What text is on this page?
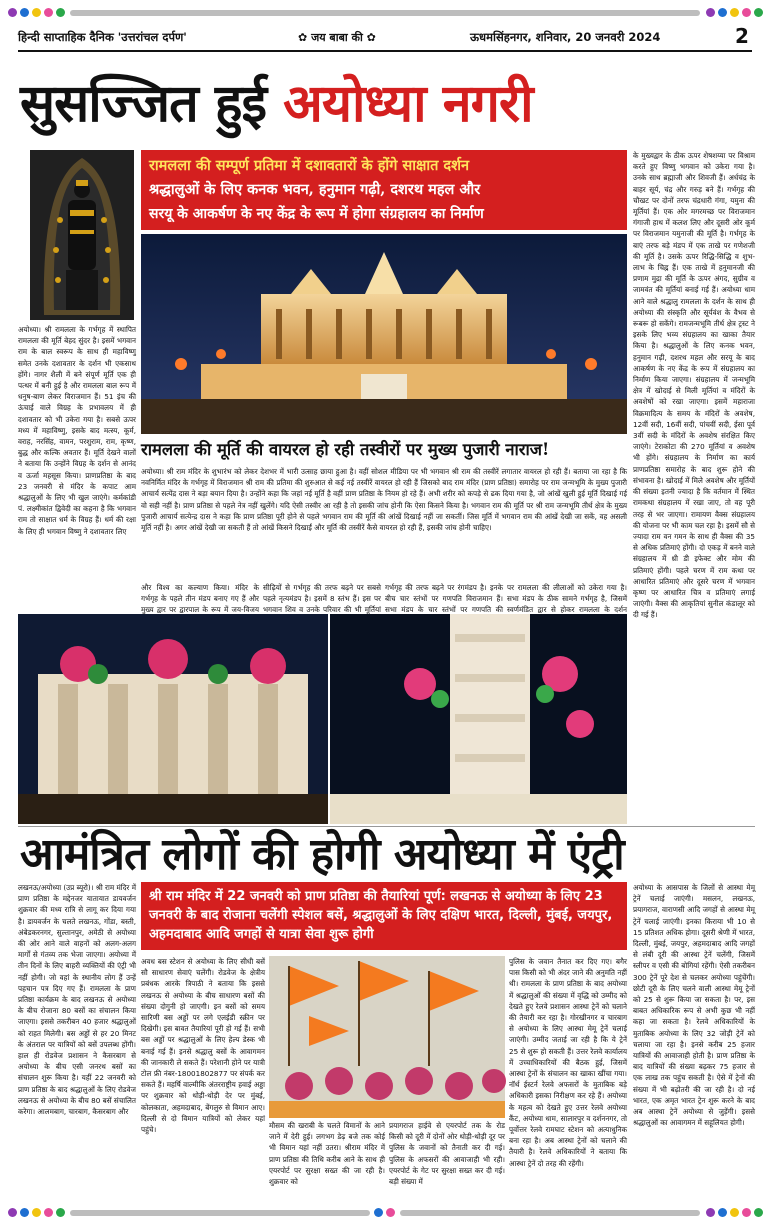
हिन्दी साप्ताहिक दैनिक 'उत्तरांचल दर्पण'	✿ जय बाबा की ✿	ऊधमसिंहनगर, शनिवार, 20 जनवरी 2024	2
सुसज्जित हुई अयोध्या नगरी
अयोध्या। श्री रामलला के गर्भगृह में स्थापित रामलला की मूर्ति बेहद सुंदर है। इसमें भगवान राम के बाल स्वरूप के साथ ही महाविष्णु समेत उनके दशावतार के दर्शन भी एकसाथ होंगे। नागर शैली में बने संपूर्ण मूर्ति एक ही पत्थर में बनी हुई है और रामलला बाल रूप में धनुष-बाण लेकर विराजमान हैं। 51 इंच की ऊंचाई वाले विग्रह के प्रभावलय में ही दशावतार को भी उकेरा गया है। सबसे ऊपर मध्य में महाविष्णु, इसके बाद मत्स्य, कूर्म, वराह, नरसिंह, वामन, परशुराम, राम, कृष्ण, बुद्ध और कल्कि अवतार हैं। मूर्ति देखने वालों ने बताया कि उन्होंने विग्रह के दर्शन से आनंद व ऊर्जा महसूस किया। प्राणप्रतिष्ठा के बाद 23 जनवरी से मंदिर के कपाट आम श्रद्धालुओं के लिए भी खुल जाएंगे। कर्मकांडी पं. लक्ष्मीकांत द्विवेदी का कहना है कि भगवान राम तो साक्षात धर्म के विग्रह हैं। धर्म की रक्षा के लिए ही भगवान विष्णु ने दशावतार लिए
रामलला की सम्पूर्ण प्रतिमा में दशावतारों के होंगे साक्षात दर्शन
श्रद्धालुओं के लिए कनक भवन, हनुमान गढ़ी, दशरथ महल और
सरयू के आकर्षण के नए केंद्र के रूप में होगा संग्रहालय का निर्माण
रामलला की मूर्ति की वायरल हो रही तस्वीरों पर मुख्य पुजारी नाराज!
अयोध्या। श्री राम मंदिर के शुभारंभ को लेकर देशभर में भारी उत्साह छाया हुआ है। वहीं सोशल मीडिया पर भी भगवान श्री राम की तस्वीरें लगातार वायरल हो रही हैं। बताया जा रहा है कि नवनिर्मित मंदिर के गर्भगृह में विराजमान श्री राम की प्रतिमा की शुरुआत से कई नई तस्वीरें वायरल हो रही हैं जिसको बाद राम मंदिर (प्राण प्रतिष्ठा) समारोह पर राम जन्मभूमि के मुख्य पुजारी आचार्य सत्येंद्र दास ने बड़ा बयान दिया है। उन्होंने कहा कि जहां नई मूर्ति है वहीं प्राण प्रतिष्ठा के नियम हो रहे हैं। अभी शरीर को कपड़े से ढक दिया गया है, जो आंखें खुली हुई मूर्ति दिखाई गई वो सही नहीं है। प्राण प्रतिष्ठा से पहले नेत्र नहीं खुलेंगे। यदि ऐसी तस्वीर आ रही है तो इसकी जांच होनी कि ऐसा किसने किया है। भगवान राम की मूर्ति पर श्री राम जन्मभूमि तीर्थ क्षेत्र के मुख्य पुजारी आचार्य सत्येन्द्र दास ने कहा कि प्राण प्रतिष्ठा पूरी होने से पहले भगवान राम की मूर्ति की आंखें दिखाई नहीं जा सकतीं। जिस मूर्ति में भगवान राम की आंखें देखी जा सकें, वह असली मूर्ति नहीं है। अगर आंखें देखी जा सकती हैं तो आंखें किसने दिखाईं और मूर्ति की तस्वीरें कैसे वायरल हो रही हैं, इसकी जांच होनी चाहिए।
और विश्व का कल्याण किया। मंदिर के गर्भगृह के पहले तीन मंडप बनाए गए हैं और मुख्य द्वार पर द्वारपाल के रूप में जय-विजय
सीढ़ियों से गर्भगृह की तरफ बढ़ने पर सबसे पहले नृत्यमंडप है। इसमें 8 स्तंभ हैं। इस पर भगवान शिव व उनके परिवार की भी मूर्तियां
गर्भगृह की तरफ बढ़ने पर रंगमंडप है। इनके बीच चार स्तंभों पर गणपति विराजमान हैं। सभा मंडप के चार स्तंभों पर गणपति की
पर रामलला की लीलाओं को उकेरा गया है। सभा मंडप के ठीक सामने गर्भगृह है, जिसमें स्वर्णमंडित द्वार से होकर रामलला के दर्शन
के मुख्यद्वार के ठीक ऊपर शेषशय्या पर विश्राम करते हुए विष्णु भगवान को उकेरा गया है। उनके साथ ब्रह्माजी और शिवजी हैं। अर्धचंद्र के बाहर सूर्य, चंद्र और गरुड़ बने हैं। गर्भगृह की चौखट पर दोनों तरफ चंद्रधारी गंगा, यमुना की मूर्तियां हैं। एक ओर मगरमच्छ पर विराजमान गंगाजी हाथ में कलश लिए और दूसरी ओर कूर्म पर विराजमान यमुनाजी की मूर्ति है। गर्भगृह के बाएं तरफ बड़े मंडप में एक ताखे पर गणेशजी की मूर्ति है। उसके ऊपर रिद्धि-सिद्धि व शुभ-लाभ के चिह्न हैं। एक ताखे में हनुमानजी की प्रणाम मुद्रा की मूर्ति के ऊपर अंगद, सुग्रीव व जामवंत की मूर्तियां बनाई गई हैं। अयोध्या धाम आने वाले श्रद्धालु रामलला के दर्शन के साथ ही अयोध्या की संस्कृति और सूर्यवंश के वैभव से रूबरू हो सकेंगे। रामजन्मभूमि तीर्थ क्षेत्र ट्रस्ट ने इसके लिए भव्य संग्रहालय का खाका तैयार किया है। श्रद्धालुओं के लिए कनक भवन, हनुमान गढ़ी, दशरथ महल और सरयू के बाद आकर्षण के नए केंद्र के रूप में संग्रहालय का निर्माण किया जाएगा। संग्रहालय में जन्मभूमि क्षेत्र में खोदाई से मिली मूर्तियां व मंदिरों के अवशेषों को रखा जाएगा। इसमें महाराजा विक्रमादित्य के समय के मंदिरों के अवशेष, 12वीं सदी, 16वीं सदी, पांचवीं सदी, ईसा पूर्व 3वीं सदी के मंदिरों के अवशेष संरक्षित किए जाएंगे। टेराकोटा की 270 मूर्तियां व अवशेष भी होंगे। संग्रहालय के निर्माण का कार्य प्राणप्रतिष्ठा समारोह के बाद शुरू होने की संभावना है। खोदाई में मिले अवशेष और मूर्तियों की संख्या इतनी ज्यादा है कि वर्तमान में स्थित रामकथा संग्रहालय में रखा जाए, तो वह पूरी तरह से भर जाएगा। रामायण वैक्स संग्रहालय की योजना पर भी काम चल रहा है। इसमें सौ से ज्यादा राम वन गमन के साथ ही वैक्स की 35 से अधिक प्रतिमाएं होंगी। दो एकड़ में बनने वाले संग्रहालय में थ्री डी इफेक्ट और मोम की प्रतिमाएं होंगी। पहले चरण में राम कथा पर आधारित प्रतिमाएं और दूसरे चरण में भगवान कृष्ण पर आधारित चित्र व प्रतिमाएं लगाई जाएंगी। वैक्स की आकृतियां सुनील कंडालूर को दी गई हैं।
आमंत्रित लोगों की होगी अयोध्या में एंट्री
लखनऊ/अयोध्या (उप्र ब्यूरो)। श्री राम मंदिर में प्राण प्रतिष्ठा के मद्देनजर यातायात डायवर्जन शुक्रवार की मध्य रात्रि से लागू कर दिया गया है। डायवर्जन के चलते लखनऊ, गोंडा, बस्ती, अंबेडकरनगर, सुल्तानपुर, अमेठी से अयोध्या की ओर आने वाले वाहनों को अलग-अलग मार्गों से गंतव्य तक भेजा जाएगा। अयोध्या में तीन दिनों के लिए बाहरी व्यक्तियों की एंट्री भी नहीं होगी। जो वहां के स्थानीय लोग हैं उन्हें पहचान पत्र दिए गए हैं। रामलला के प्राण प्रतिष्ठा कार्यक्रम के बाद लखनऊ से अयोध्या के बीच रोजाना 80 बसों का संचालन किया जाएगा। इससे तकरीबन 40 हजार श्रद्धालुओं को राहत मिलेगी। बस अड्डों से हर 20 मिनट के अंतराल पर यात्रियों को बसें उपलब्ध होंगी। हाल ही रोडवेज प्रशासन ने कैसरबाग से अयोध्या के बीच एसी जनरथ बसों का संचालन शुरू किया है। यहीं 22 जनवरी को प्राण प्रतिष्ठा के बाद श्रद्धालुओं के लिए रोडवेज लखनऊ से अयोध्या के बीच 80 बसें संचालित करेगा। आलमबाग, चारबाग, कैसरबाग और
श्री राम मंदिर में 22 जनवरी को प्राण प्रतिष्ठा की तैयारियां पूर्ण: लखनऊ से अयोध्या के लिए 23 जनवरी के बाद रोजाना चलेंगी स्पेशल बसें, श्रद्धालुओं के लिए दक्षिण भारत, दिल्ली, मुंबई, जयपुर, अहमदाबाद आदि जगहों से यात्रा सेवा शुरू होगी
अवध बस स्टेशन से अयोध्या के लिए सीधी बसें सौ साधारण सेवाएं चलेंगी। रोडवेज के क्षेत्रीय प्रबंधक आरके त्रिपाठी ने बताया कि इससे लखनऊ से अयोध्या के बीच साधारण बसों की संख्या दोगुनी हो जाएगी। इन बसों को समय सारिणी बस अड्डों पर लगे एलईडी स्क्रीन पर दिखेगी। इस बावत तैयारियां पूरी हो गई हैं। सभी बस अड्डों पर श्रद्धालुओं के लिए हेल्प डेस्क भी बनाई गई हैं। इनसे श्रद्धालु बसों के आवागमन की जानकारी ले सकते हैं। परेशानी होने पर यात्री टोल फ्री नंबर-18001802877 पर संपर्क कर सकते हैं। महर्षि वाल्मीकि अंतरराष्ट्रीय हवाई अड्डा पर शुक्रवार को थोड़ी-थोड़ी देर पर मुंबई, कोलकाता, अहमदाबाद, बेंगलुरु से विमान आए। दिल्ली से दो विमान यात्रियों को लेकर यहां पहुंचे।	मौसम की खराबी के चलते विमानों के आने जाने में देरी हुई। लगभग डेढ़ बजे तक कोई भी विमान यहां नहीं उतरा। श्रीराम मंदिर में प्राण प्रतिष्ठा की तिथि करीब आने के साथ ही एयरपोर्ट पर सुरक्षा सख्त की जा रही है। शुक्रवार को
प्रयागराज हाईवे से एयरपोर्ट तक के रोड किसी को दूरी में दोनों ओर थोड़ी-थोड़ी दूर पर पुलिस के जवानों को तैनाती कर दी गई। पुलिस के अफसरों की आवाजाही भी रही। एयरपोर्ट के गेट पर सुरक्षा सख्त कर दी गई। बड़ी संख्या में
पुलिस के जवान तैनात कर दिए गए। बगैर पास किसी को भी अंदर जाने की अनुमति नहीं थी। रामलला के प्राण प्रतिष्ठा के बाद अयोध्या में श्रद्धालुओं की संख्या में वृद्धि को उम्मीद को देखते हुए रेलवे प्रशासन आस्था ट्रेनें को चलाने की तैयारी कर रहा है। गोरखीनगर व चारबाग से अयोध्या के लिए आस्था मेमू ट्रेनें चलाई जाएंगी। उम्मीद जताई जा रही है कि ये ट्रेनें 25 से शुरू हो सकती हैं। उत्तर रेलवे कार्यालय में उच्चाधिकारियों की बैठक हुई, जिसमें आस्था ट्रेनों के संचालन का खाका खींचा गया। नॉर्थ ईस्टर्न रेलवे अफसरों के मुताबिक बड़े अधिकारी इसका निरीक्षण कर रहे हैं। अयोध्या के महत्व को देखते हुए उत्तर रेलवे अयोध्या कैंट, अयोध्या धाम, सालारपुर व दर्शननगर, तो पूर्वोत्तर रेलवे रामघाट स्टेशन को अत्याधुनिक बना रहा है। अब आस्था ट्रेनों को चलाने की तैयारी है। रेलवे अधिकारियों ने बताया कि आस्था ट्रेनें दो तरह की रहेंगी।
अयोध्या के आसपास के जिलों से आस्था मेमू ट्रेनें चलाई जाएंगी। मसलन, लखनऊ, प्रयागराज, वाराणसी आदि जगहों से आस्था मेमू ट्रेनें चलाई जाएंगी। इनका किराया भी 10 से 15 प्रतिशत अधिक होगा। दूसरी श्रेणी में भारत, दिल्ली, मुंबई, जयपुर, अहमदाबाद आदि जगहों से लंबी दूरी की आस्था ट्रेनें चलेंगी, जिसमें स्लीपर व एसी की बोगियां रहेंगी। ऐसी तकरीबन 300 ट्रेनें पूरे देश से चलकर अयोध्या पहुंचेंगी। छोटी दूरी के लिए चलने वाली आस्था मेमू ट्रेनों को 25 से शुरू किया जा सकता है। पर, इस बाबत अधिकारिक रूप से अभी कुछ भी नहीं कहा जा सकता है। रेलवे अधिकारियों के मुताबिक अयोध्या के लिए 32 जोड़ी ट्रेनें को चलाया जा रहा है। इनसे करीब 25 हजार यात्रियों की आवाजाही होती है। प्राण प्रतिष्ठा के बाद यात्रियों की संख्या बढ़कर 75 हजार से एक लाख तक पहुंच सकती है। ऐसे में ट्रेनों की संख्या में भी बढ़ोतरी की जा रही है। दो नई भारत, एक अमृत भारत ट्रेन शुरू करने के बाद अब आस्था ट्रेनें अयोध्या से जुड़ेंगी। इससे श्रद्धालुओं का आवागमन में सहूलियत होगी।
